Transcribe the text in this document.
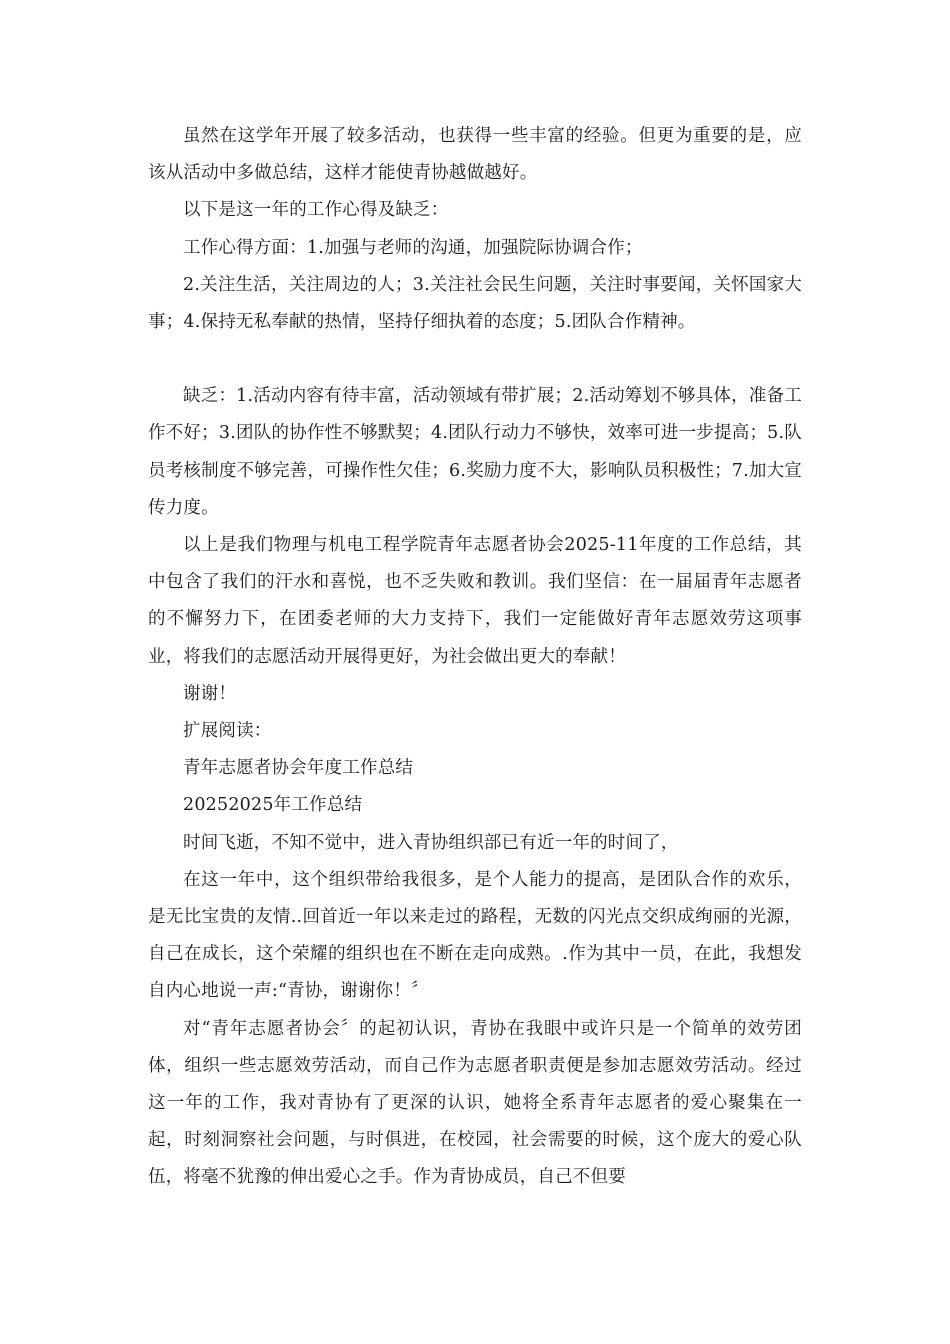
虽然在这学年开展了较多活动，也获得一些丰富的经验。但更为重要的是，应该从活动中多做总结，这样才能使青协越做越好。

以下是这一年的工作心得及缺乏：

工作心得方面：1.加强与老师的沟通，加强院际协调合作；

2.关注生活，关注周边的人；3.关注社会民生问题，关注时事要闻，关怀国家大事；4.保持无私奉献的热情，坚持仔细执着的态度；5.团队合作精神。

缺乏：1.活动内容有待丰富，活动领域有带扩展；2.活动筹划不够具体，准备工作不好；3.团队的协作性不够默契；4.团队行动力不够快，效率可进一步提高；5.队员考核制度不够完善，可操作性欠佳；6.奖励力度不大，影响队员积极性；7.加大宣传力度。

以上是我们物理与机电工程学院青年志愿者协会2025-11年度的工作总结，其中包含了我们的汗水和喜悦，也不乏失败和教训。我们坚信：在一届届青年志愿者的不懈努力下，在团委老师的大力支持下，我们一定能做好青年志愿效劳这项事业，将我们的志愿活动开展得更好，为社会做出更大的奉献！

谢谢！

扩展阅读：

青年志愿者协会年度工作总结

20252025年工作总结

时间飞逝，不知不觉中，进入青协组织部已有近一年的时间了，

在这一年中，这个组织带给我很多，是个人能力的提高，是团队合作的欢乐，是无比宝贵的友情..回首近一年以来走过的路程，无数的闪光点交织成绚丽的光源，自己在成长，这个荣耀的组织也在不断在走向成熟。.作为其中一员，在此，我想发自内心地说一声:“青协，谢谢你！〞

对“青年志愿者协会〞的起初认识，青协在我眼中或许只是一个简单的效劳团体，组织一些志愿效劳活动，而自己作为志愿者职责便是参加志愿效劳活动。经过这一年的工作，我对青协有了更深的认识，她将全系青年志愿者的爱心聚集在一起，时刻洞察社会问题，与时俱进，在校园，社会需要的时候，这个庞大的爱心队伍，将毫不犹豫的伸出爱心之手。作为青协成员，自己不但要
